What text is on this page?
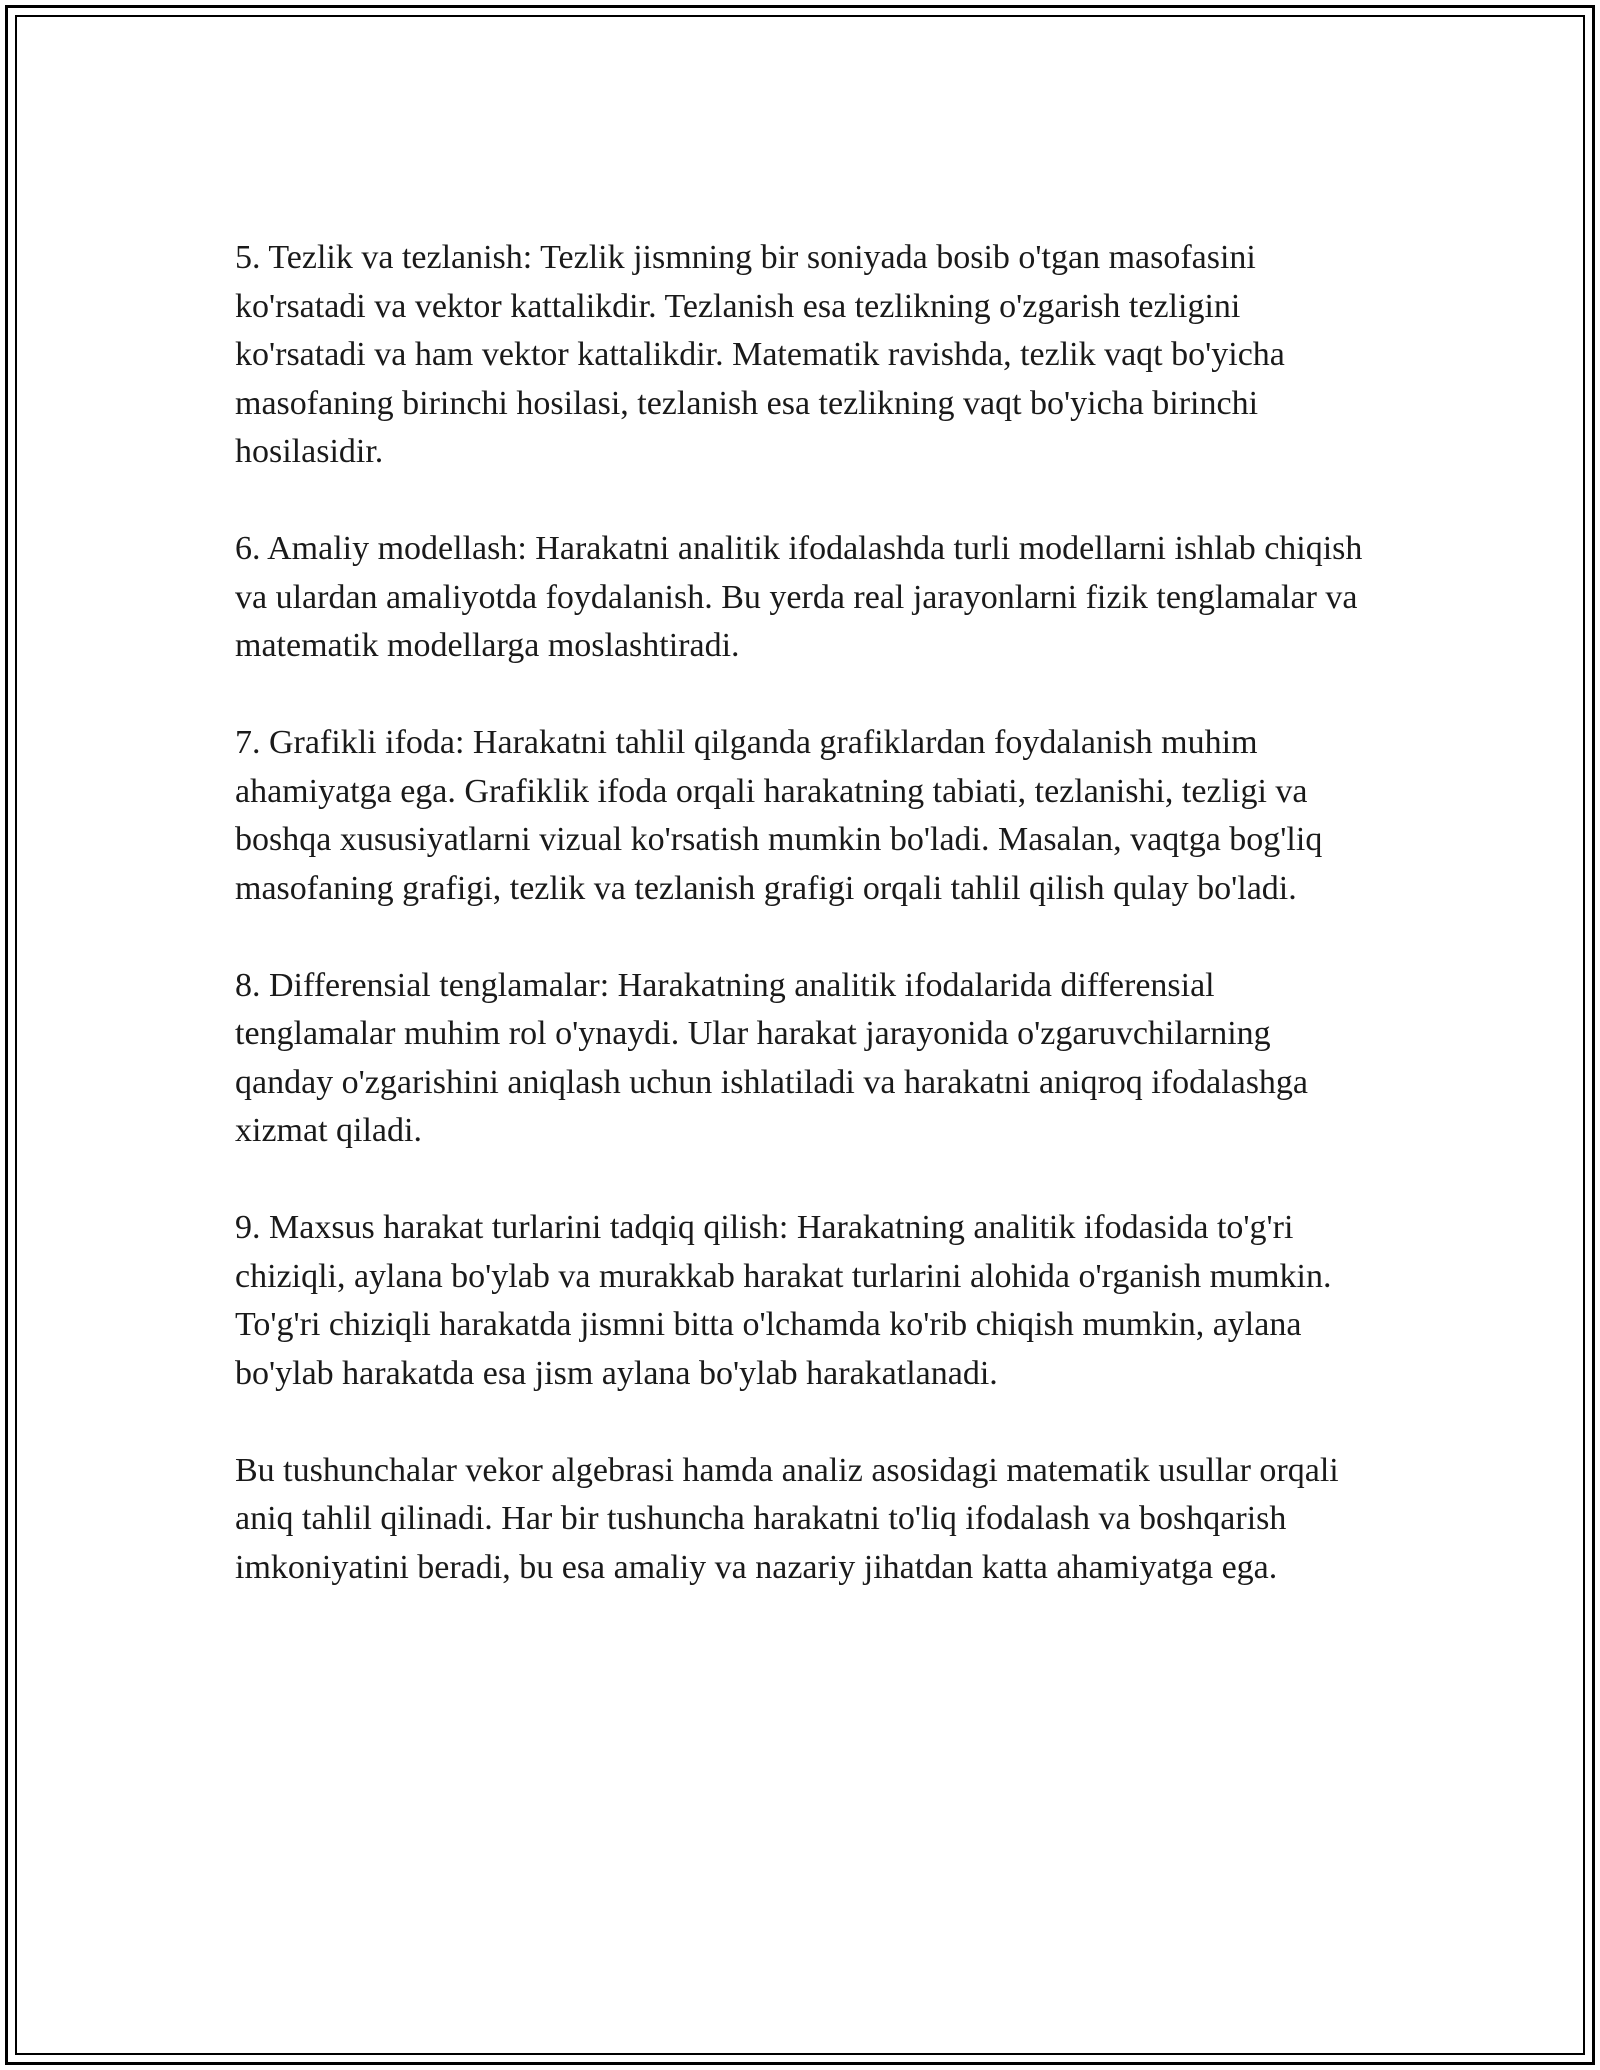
5. Tezlik va tezlanish: Tezlik jismning bir soniyada bosib o'tgan masofasini ko'rsatadi va vektor kattalikdir. Tezlanish esa tezlikning o'zgarish tezligini ko'rsatadi va ham vektor kattalikdir. Matematik ravishda, tezlik vaqt bo'yicha masofaning birinchi hosilasi, tezlanish esa tezlikning vaqt bo'yicha birinchi hosilasidir.

6. Amaliy modellash: Harakatni analitik ifodalashda turli modellarni ishlab chiqish va ulardan amaliyotda foydalanish. Bu yerda real jarayonlarni fizik tenglamalar va matematik modellarga moslashtiradi.

7. Grafikli ifoda: Harakatni tahlil qilganda grafiklardan foydalanish muhim ahamiyatga ega. Grafiklik ifoda orqali harakatning tabiati, tezlanishi, tezligi va boshqa xususiyatlarni vizual ko'rsatish mumkin bo'ladi. Masalan, vaqtga bog'liq masofaning grafigi, tezlik va tezlanish grafigi orqali tahlil qilish qulay bo'ladi.

8. Differensial tenglamalar: Harakatning analitik ifodalarida differensial tenglamalar muhim rol o'ynaydi. Ular harakat jarayonida o'zgaruvchilarning qanday o'zgarishini aniqlash uchun ishlatiladi va harakatni aniqroq ifodalashga xizmat qiladi.

9. Maxsus harakat turlarini tadqiq qilish: Harakatning analitik ifodasida to'g'ri chiziqli, aylana bo'ylab va murakkab harakat turlarini alohida o'rganish mumkin. To'g'ri chiziqli harakatda jismni bitta o'lchamda ko'rib chiqish mumkin, aylana bo'ylab harakatda esa jism aylana bo'ylab harakatlanadi.

Bu tushunchalar vekor algebrasi hamda analiz asosidagi matematik usullar orqali aniq tahlil qilinadi. Har bir tushuncha harakatni to'liq ifodalash va boshqarish imkoniyatini beradi, bu esa amaliy va nazariy jihatdan katta ahamiyatga ega.
